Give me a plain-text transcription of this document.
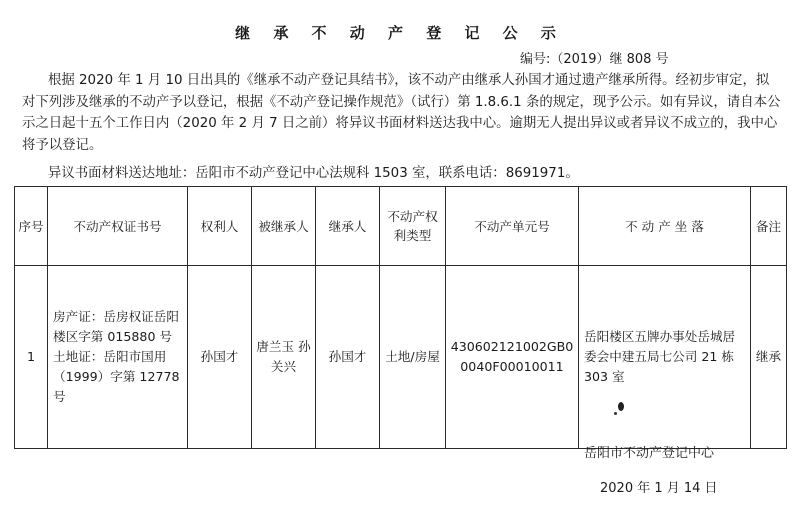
继 承 不 动 产 登 记 公 示
编号:（2019）继 808 号
根据 2020 年 1 月 10 日出具的《继承不动产登记具结书》，该不动产由继承人孙国才通过遗产继承所得。经初步审定，拟对下列涉及继承的不动产予以登记，根据《不动产登记操作规范》（试行）第 1.8.6.1 条的规定，现予公示。如有异议，请自本公示之日起十五个工作日内（2020 年 2 月 7 日之前）将异议书面材料送达我中心。逾期无人提出异议或者异议不成立的，我中心将予以登记。
异议书面材料送达地址：岳阳市不动产登记中心法规科 1503 室，联系电话：8691971。
序号	不动产权证书号	权利人	被继承人	继承人	不动产权利类型	不动产单元号	不 动 产 坐 落	备注
1	房产证：岳房权证岳阳楼区字第 015880 号 土地证：岳阳市国用（1999）字第 12778 号	孙国才	唐兰玉 孙关兴	孙国才	土地/房屋	430602121002GB00040F00010011	岳阳楼区五牌办事处岳城居委会中建五局七公司 21 栋 303 室	继承
岳阳市不动产登记中心
2020 年 1 月 14 日
